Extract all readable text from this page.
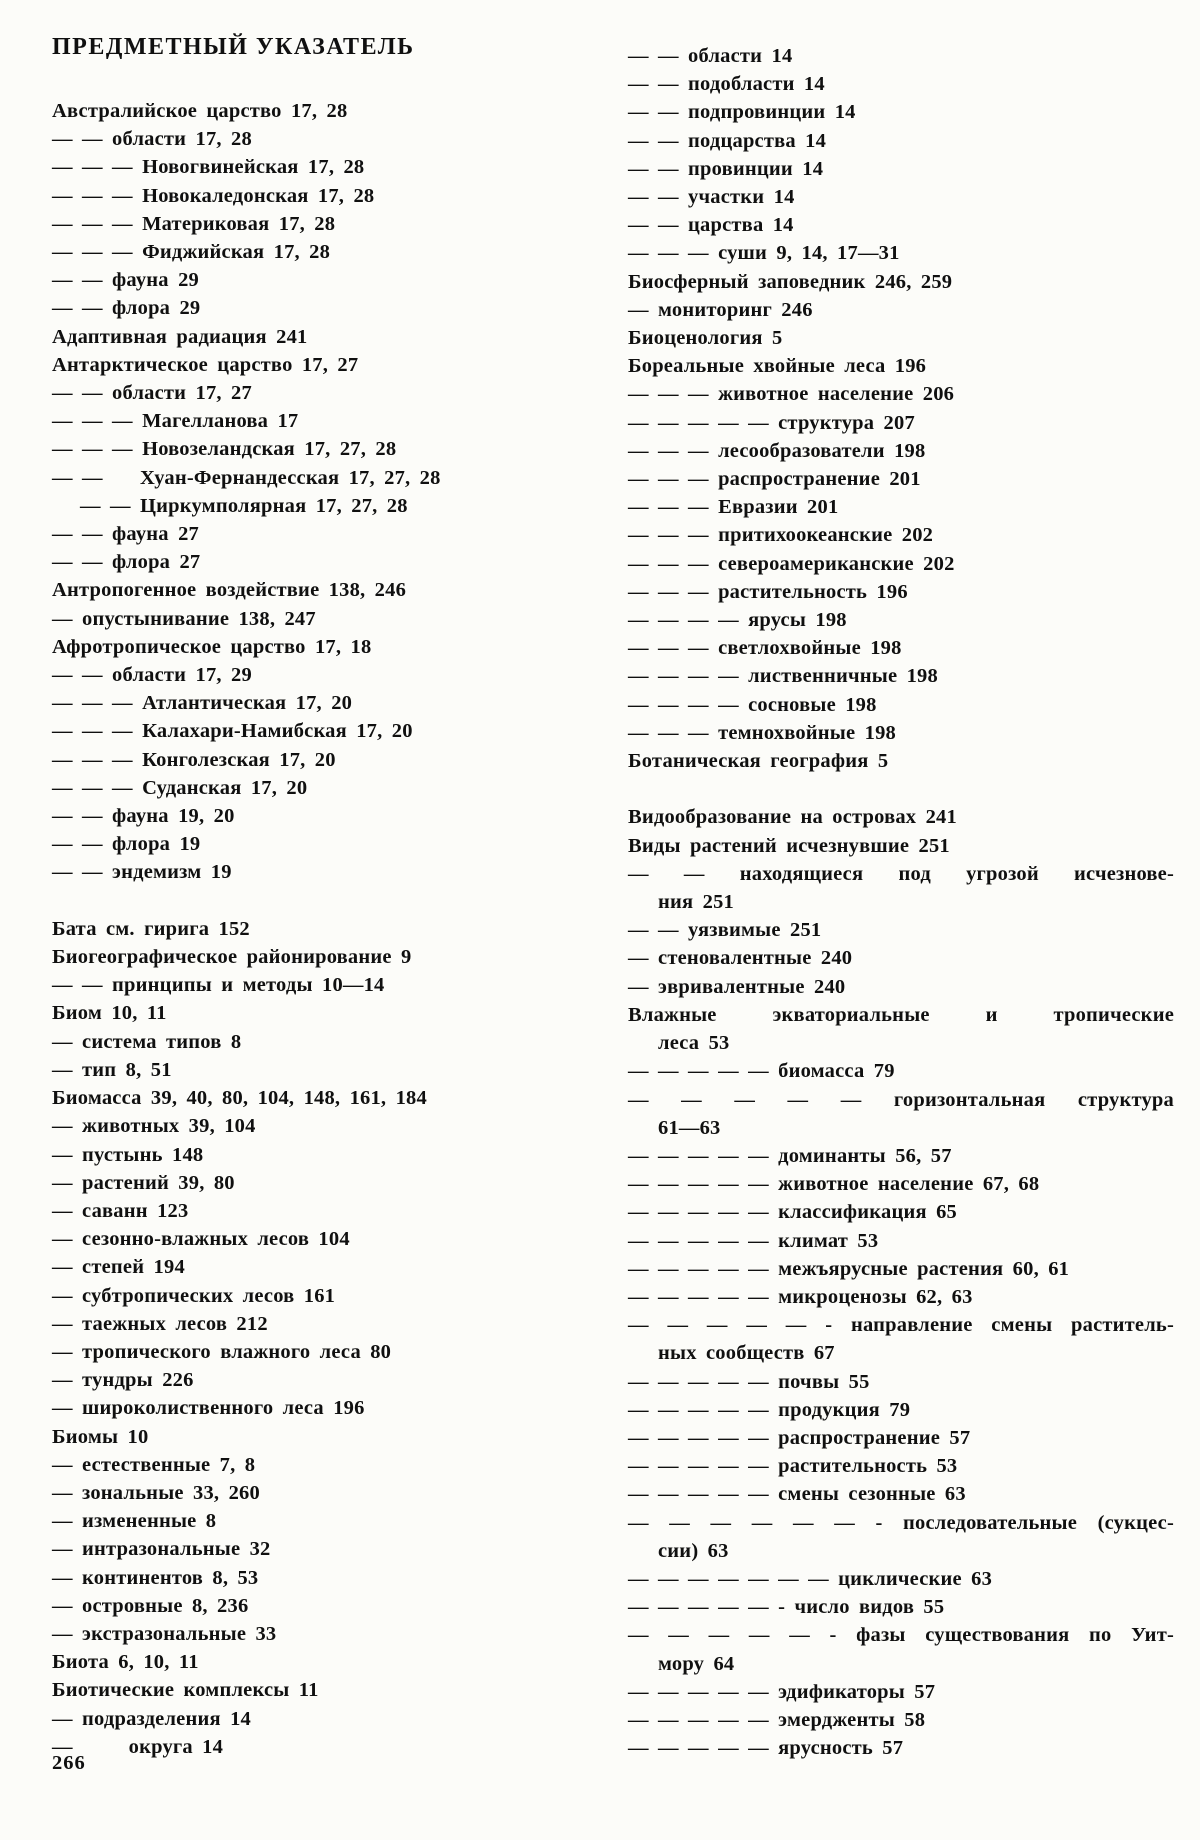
ПРЕДМЕТНЫЙ УКАЗАТЕЛЬ
Австралийское царство 17, 28
— — области 17, 28
— — — Новогвинейская 17, 28
— — — Новокаледонская 17, 28
— — — Материковая 17, 28
— — — Фиджийская 17, 28
— — фауна 29
— — флора 29
Адаптивная радиация 241
Антарктическое царство 17, 27
— — области 17, 27
— — — Магелланова 17
— — — Новозеландская 17, 27, 28
— —    Хуан-Фернандесская 17, 27, 28
— — Циркумполярная 17, 27, 28
— — фауна 27
— — флора 27
Антропогенное воздействие 138, 246
— опустынивание 138, 247
Афротропическое царство 17, 18
— — области 17, 29
— — — Атлантическая 17, 20
— — — Калахари-Намибская 17, 20
— — — Конголезская 17, 20
— — — Суданская 17, 20
— — фауна 19, 20
— — флора 19
— — эндемизм 19
Бата см. гирига 152
Биогеографическое районирование 9
— — принципы и методы 10—14
Биом 10, 11
— система типов 8
— тип 8, 51
Биомасса 39, 40, 80, 104, 148, 161, 184
— животных 39, 104
— пустынь 148
— растений 39, 80
— саванн 123
— сезонно-влажных лесов 104
— степей 194
— субтропических лесов 161
— таежных лесов 212
— тропического влажного леса 80
— тундры 226
— широколиственного леса 196
Биомы 10
— естественные 7, 8
— зональные 33, 260
— измененные 8
— интразональные 32
— континентов 8, 53
— островные 8, 236
— экстразональные 33
Биота 6, 10, 11
Биотические комплексы 11
— подразделения 14
—      округа 14
— — области 14
— — подобласти 14
— — подпровинции 14
— — подцарства 14
— — провинции 14
— — участки 14
— — царства 14
— — — суши 9, 14, 17—31
Биосферный заповедник 246, 259
— мониторинг 246
Биоценология 5
Бореальные хвойные леса 196
— — — животное население 206
— — — — — структура 207
— — — лесообразователи 198
— — — распространение 201
— — — Евразии 201
— — — притихоокеанские 202
— — — североамериканские 202
— — — растительность 196
— — — — ярусы 198
— — — светлохвойные 198
— — — — лиственничные 198
— — — — сосновые 198
— — — темнохвойные 198
Ботаническая география 5
Видообразование на островах 241
Виды растений исчезнувшие 251
— — находящиеся под угрозой исчезнове-
ния 251
— — уязвимые 251
— стеновалентные 240
— эвривалентные 240
Влажные экваториальные и тропические
леса 53
— — — — — биомасса 79
— — — — — горизонтальная структура
61—63
— — — — — доминанты 56, 57
— — — — — животное население 67, 68
— — — — — классификация 65
— — — — — климат 53
— — — — — межъярусные растения 60, 61
— — — — — микроценозы 62, 63
— — — — — - направление смены раститель-
ных сообществ 67
— — — — — почвы 55
— — — — — продукция 79
— — — — — распространение 57
— — — — — растительность 53
— — — — — смены сезонные 63
— — — — — — - последовательные (сукцес-
сии) 63
— — — — — — — циклические 63
— — — — — - число видов 55
— — — — — - фазы существования по Уит-
мору 64
— — — — — эдификаторы 57
— — — — — эмердженты 58
— — — — — ярусность 57
266
